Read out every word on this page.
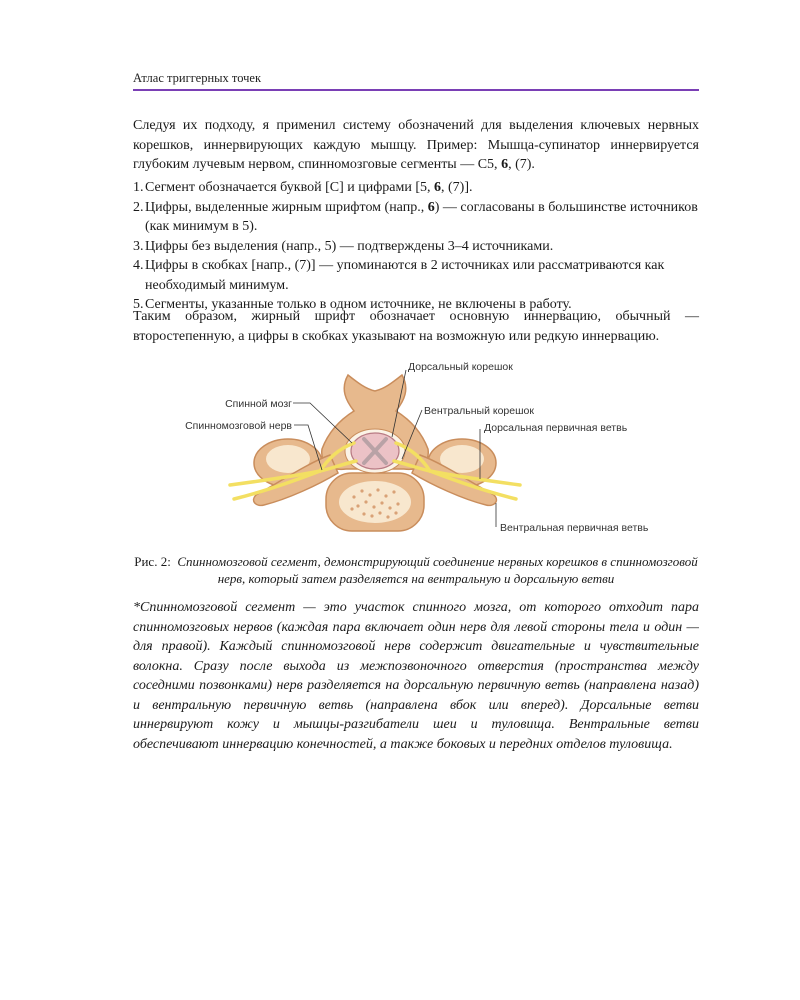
Атлас триггерных точек

Следуя их подходу, я применил систему обозначений для выделения ключевых нервных корешков, иннервирующих каждую мышцу. Пример: Мышца-супинатор иннервируется глубоким лучевым нервом, спинномозговые сегменты — C5, 6, (7).

1. Сегмент обозначается буквой [C] и цифрами [5, 6, (7)].
2. Цифры, выделенные жирным шрифтом (напр., 6) — согласованы в большинстве источников (как минимум в 5).
3. Цифры без выделения (напр., 5) — подтверждены 3–4 источниками.
4. Цифры в скобках [напр., (7)] — упоминаются в 2 источниках или рассматриваются как необходимый минимум.
5. Сегменты, указанные только в одном источнике, не включены в работу.

Таким образом, жирный шрифт обозначает основную иннервацию, обычный — второстепенную, а цифры в скобках указывают на возможную или редкую иннервацию.

Дорсальный корешок
Спинной мозг
Вентральный корешок
Спинномозговой нерв	Дорсальная первичная ветвь
Вентральная первичная ветвь
Рис. 2: Спинномозговой сегмент, демонстрирующий соединение нервных корешков в спинномозговой нерв, который затем разделяется на вентральную и дорсальную ветви

*Спинномозговой сегмент — это участок спинного мозга, от которого отходит пара спинномозговых нервов (каждая пара включает один нерв для левой стороны тела и один — для правой). Каждый спинномозговой нерв содержит двигательные и чувствительные волокна. Сразу после выхода из межпозвоночного отверстия (пространства между соседними позвонками) нерв разделяется на дорсальную первичную ветвь (направлена назад) и вентральную первичную ветвь (направлена вбок или вперед). Дорсальные ветви иннервируют кожу и мышцы-разгибатели шеи и туловища. Вентральные ветви обеспечивают иннервацию конечностей, а также боковых и передних отделов туловища.
